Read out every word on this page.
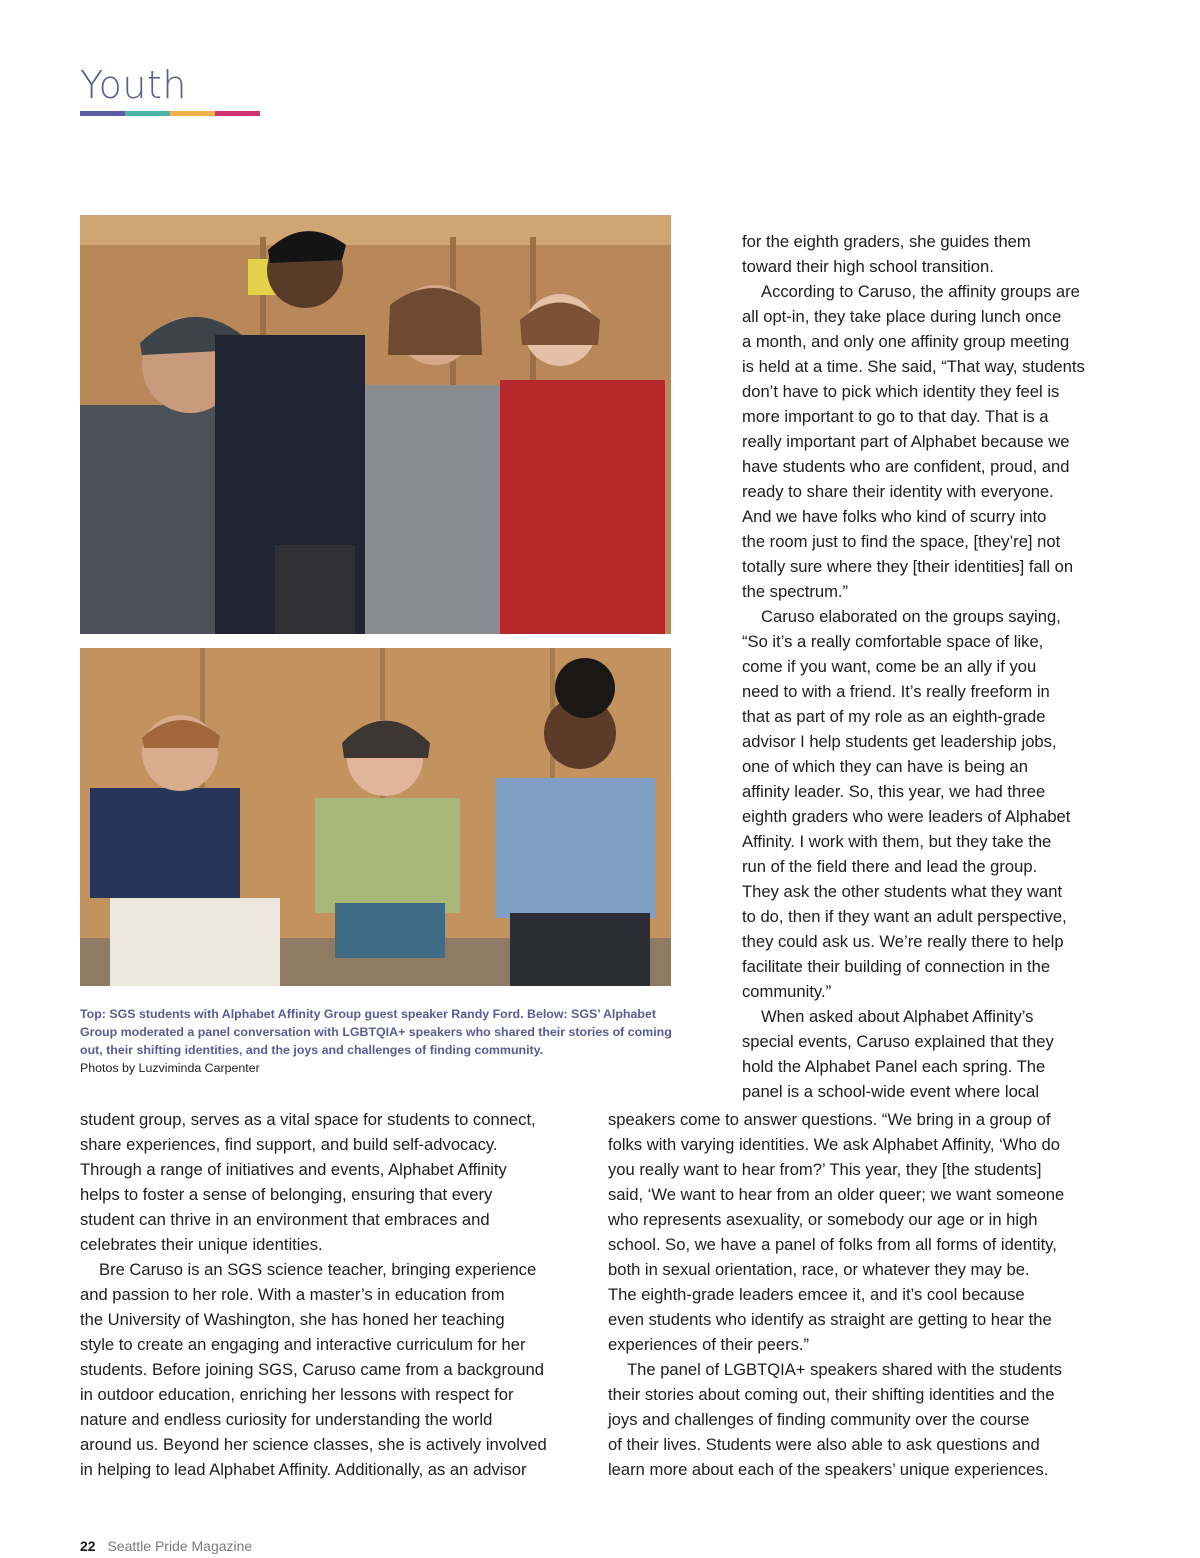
Youth

Top: SGS students with Alphabet Affinity Group guest speaker Randy Ford. Below: SGS’ Alphabet Group moderated a panel conversation with LGBTQIA+ speakers who shared their stories of coming out, their shifting identities, and the joys and challenges of finding community.

Photos by Luzviminda Carpenter

for the eighth graders, she guides them
toward their high school transition.

According to Caruso, the affinity groups are
all opt-in, they take place during lunch once
a month, and only one affinity group meeting
is held at a time. She said, “That way, students
don’t have to pick which identity they feel is
more important to go to that day. That is a
really important part of Alphabet because we
have students who are confident, proud, and
ready to share their identity with everyone.
And we have folks who kind of scurry into
the room just to find the space, [they’re] not
totally sure where they [their identities] fall on
the spectrum.”

Caruso elaborated on the groups saying,
“So it’s a really comfortable space of like,
come if you want, come be an ally if you
need to with a friend. It’s really freeform in
that as part of my role as an eighth-grade
advisor I help students get leadership jobs,
one of which they can have is being an
affinity leader. So, this year, we had three
eighth graders who were leaders of Alphabet
Affinity. I work with them, but they take the
run of the field there and lead the group.
They ask the other students what they want
to do, then if they want an adult perspective,
they could ask us. We’re really there to help
facilitate their building of connection in the
community.”

When asked about Alphabet Affinity’s
special events, Caruso explained that they
hold the Alphabet Panel each spring. The
panel is a school-wide event where local

student group, serves as a vital space for students to connect,
share experiences, find support, and build self-advocacy.
Through a range of initiatives and events, Alphabet Affinity
helps to foster a sense of belonging, ensuring that every
student can thrive in an environment that embraces and
celebrates their unique identities.

Bre Caruso is an SGS science teacher, bringing experience
and passion to her role. With a master’s in education from
the University of Washington, she has honed her teaching
style to create an engaging and interactive curriculum for her
students. Before joining SGS, Caruso came from a background
in outdoor education, enriching her lessons with respect for
nature and endless curiosity for understanding the world
around us. Beyond her science classes, she is actively involved
in helping to lead Alphabet Affinity. Additionally, as an advisor

speakers come to answer questions. “We bring in a group of
folks with varying identities. We ask Alphabet Affinity, ‘Who do
you really want to hear from?’ This year, they [the students]
said, ‘We want to hear from an older queer; we want someone
who represents asexuality, or somebody our age or in high
school. So, we have a panel of folks from all forms of identity,
both in sexual orientation, race, or whatever they may be.
The eighth-grade leaders emcee it, and it’s cool because
even students who identify as straight are getting to hear the
experiences of their peers.”

The panel of LGBTQIA+ speakers shared with the students
their stories about coming out, their shifting identities and the
joys and challenges of finding community over the course
of their lives. Students were also able to ask questions and
learn more about each of the speakers’ unique experiences.

22 Seattle Pride Magazine
